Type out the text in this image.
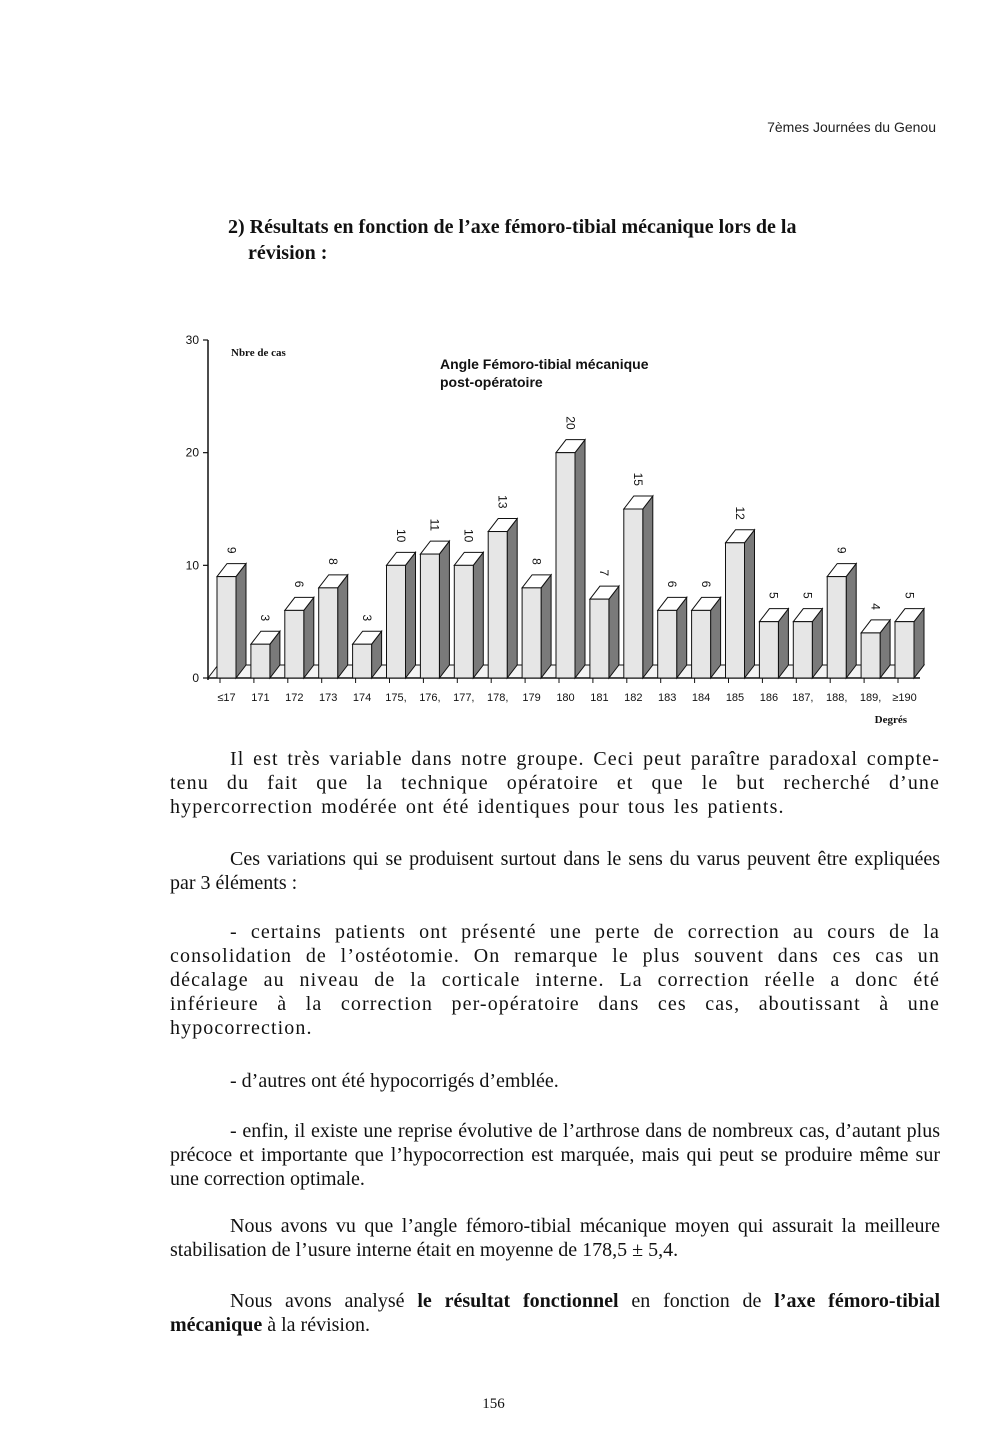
7èmes Journées du Genou
2) Résultats en fonction de l’axe fémoro-tibial mécanique lors de la
révision :
0
10
20
30
≤17 171 172 173 174 175, 176, 177, 178, 179 180 181 182 183 184 185 186 187, 188, 189, ≥190
9
3
6
8
3
10
11
10
13
8
20
7
15
6 6
12
5 5
9
4
5
Nbre de cas
Angle Fémoro-tibial mécanique
post-opératoire
Degrés

Il est très variable dans notre groupe. Ceci peut paraître paradoxal compte-tenu du fait que la technique opératoire et que le but recherché d’une hypercorrection modérée ont été identiques pour tous les patients.

Ces variations qui se produisent surtout dans le sens du varus peuvent être expliquées par 3 éléments :

- certains patients ont présenté une perte de correction au cours de la consolidation de l’ostéotomie. On remarque le plus souvent dans ces cas un décalage au niveau de la corticale interne. La correction réelle a donc été inférieure à la correction per-opératoire dans ces cas, aboutissant à une hypocorrection.

- d’autres ont été hypocorrigés d’emblée.

- enfin, il existe une reprise évolutive de l’arthrose dans de nombreux cas, d’autant plus précoce et importante que l’hypocorrection est marquée, mais qui peut se produire même sur une correction optimale.

Nous avons vu que l’angle fémoro-tibial mécanique moyen qui assurait la meilleure stabilisation de l’usure interne était en moyenne de 178,5 ± 5,4.

Nous avons analysé le résultat fonctionnel en fonction de l’axe fémoro-tibial mécanique à la révision.

156
